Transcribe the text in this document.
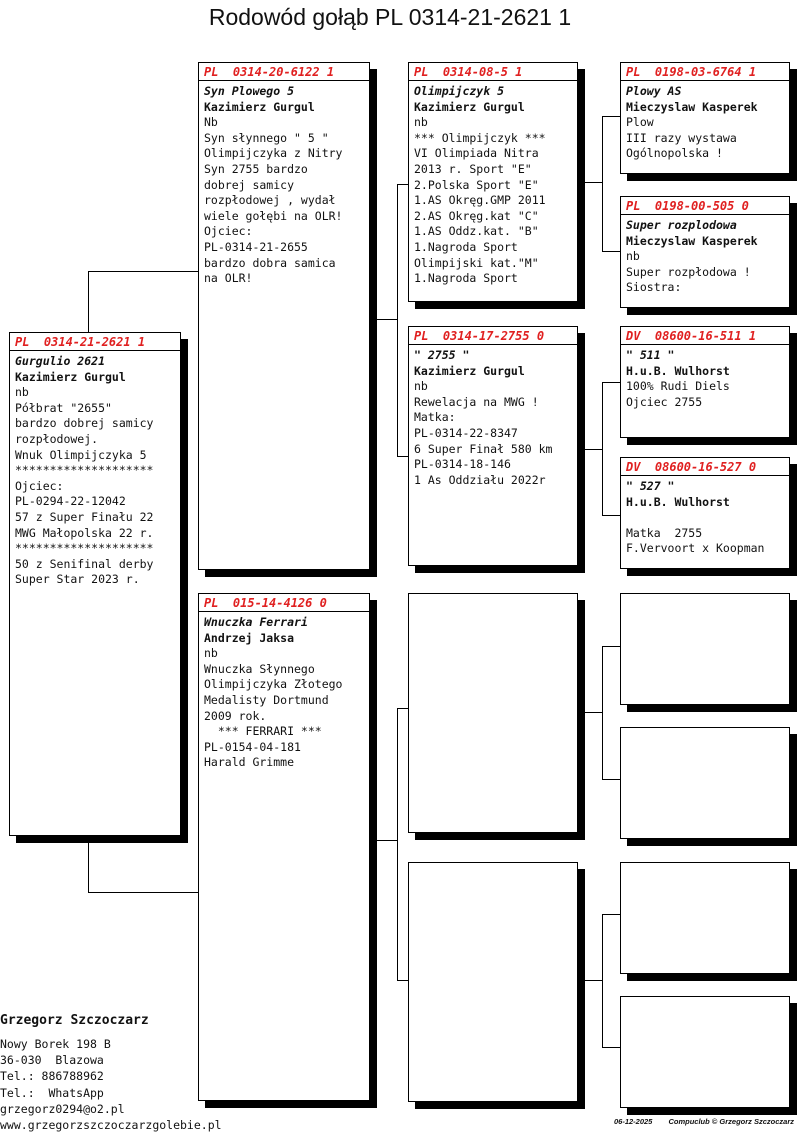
Rodowód gołąb PL 0314-21-2621 1
PL  0314-21-2621 1
Gurgulio 2621
Kazimierz Gurgul
nb
Półbrat "2655"
bardzo dobrej samicy
rozpłodowej.
Wnuk Olimpijczyka 5
********************
Ojciec:
PL-0294-22-12042
57 z Super Finału 22
MWG Małopolska 22 r.
********************
50 z Senifinal derby
Super Star 2023 r.
PL  0314-20-6122 1
Syn Plowego 5
Kazimierz Gurgul
Nb
Syn słynnego " 5 "
Olimpijczyka z Nitry
Syn 2755 bardzo
dobrej samicy
rozpłodowej , wydał
wiele gołębi na OLR!
Ojciec:
PL-0314-21-2655
bardzo dobra samica
na OLR!
PL  015-14-4126 0
Wnuczka Ferrari
Andrzej Jaksa
nb
Wnuczka Słynnego
Olimpijczyka Złotego
Medalisty Dortmund
2009 rok.
*** FERRARI ***
PL-0154-04-181
Harald Grimme
PL  0314-08-5 1
Olimpijczyk 5
Kazimierz Gurgul
nb
*** Olimpijczyk ***
VI Olimpiada Nitra
2013 r. Sport "E"
2.Polska Sport "E"
1.AS Okręg.GMP 2011
2.AS Okręg.kat "C"
1.AS Oddz.kat. "B"
1.Nagroda Sport
Olimpijski kat."M"
1.Nagroda Sport
PL  0314-17-2755 0
" 2755 "
Kazimierz Gurgul
nb
Rewelacja na MWG !
Matka:
PL-0314-22-8347
6 Super Finał 580 km
PL-0314-18-146
1 As Oddziału 2022r
PL  0198-03-6764 1
Plowy AS
Mieczyslaw Kasperek
Plow
III razy wystawa
Ogólnopolska !
PL  0198-00-505 0
Super rozplodowa
Mieczyslaw Kasperek
nb
Super rozpłodowa !
Siostra:
DV  08600-16-511 1
" 511 "
H.u.B. Wulhorst
100% Rudi Diels
Ojciec 2755
DV  08600-16-527 0
" 527 "
H.u.B. Wulhorst
Matka  2755
F.Vervoort x Koopman
Grzegorz Szczoczarz
Nowy Borek 198 B
36-030  Blazowa
Tel.: 886788962
Tel.:  WhatsApp
grzegorz0294@o2.pl
www.grzegorzszczoczarzgolebie.pl	06-12-2025 Compuclub © Grzegorz Szczoczarz
